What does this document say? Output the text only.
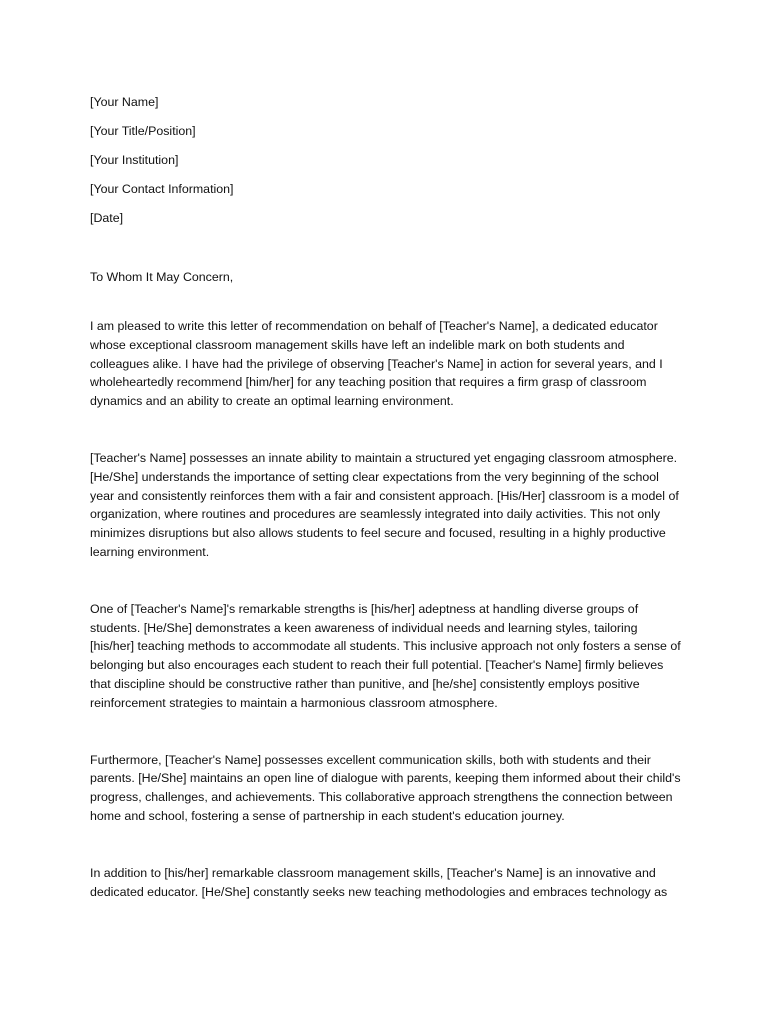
[Your Name]
[Your Title/Position]
[Your Institution]
[Your Contact Information]
[Date]
To Whom It May Concern,

I am pleased to write this letter of recommendation on behalf of [Teacher's Name], a dedicated educator whose exceptional classroom management skills have left an indelible mark on both students and colleagues alike. I have had the privilege of observing [Teacher's Name] in action for several years, and I wholeheartedly recommend [him/her] for any teaching position that requires a firm grasp of classroom dynamics and an ability to create an optimal learning environment.

[Teacher's Name] possesses an innate ability to maintain a structured yet engaging classroom atmosphere. [He/She] understands the importance of setting clear expectations from the very beginning of the school year and consistently reinforces them with a fair and consistent approach. [His/Her] classroom is a model of organization, where routines and procedures are seamlessly integrated into daily activities. This not only minimizes disruptions but also allows students to feel secure and focused, resulting in a highly productive learning environment.

One of [Teacher's Name]'s remarkable strengths is [his/her] adeptness at handling diverse groups of students. [He/She] demonstrates a keen awareness of individual needs and learning styles, tailoring [his/her] teaching methods to accommodate all students. This inclusive approach not only fosters a sense of belonging but also encourages each student to reach their full potential. [Teacher's Name] firmly believes that discipline should be constructive rather than punitive, and [he/she] consistently employs positive reinforcement strategies to maintain a harmonious classroom atmosphere.

Furthermore, [Teacher's Name] possesses excellent communication skills, both with students and their parents. [He/She] maintains an open line of dialogue with parents, keeping them informed about their child's progress, challenges, and achievements. This collaborative approach strengthens the connection between home and school, fostering a sense of partnership in each student's education journey.

In addition to [his/her] remarkable classroom management skills, [Teacher's Name] is an innovative and dedicated educator. [He/She] constantly seeks new teaching methodologies and embraces technology as
